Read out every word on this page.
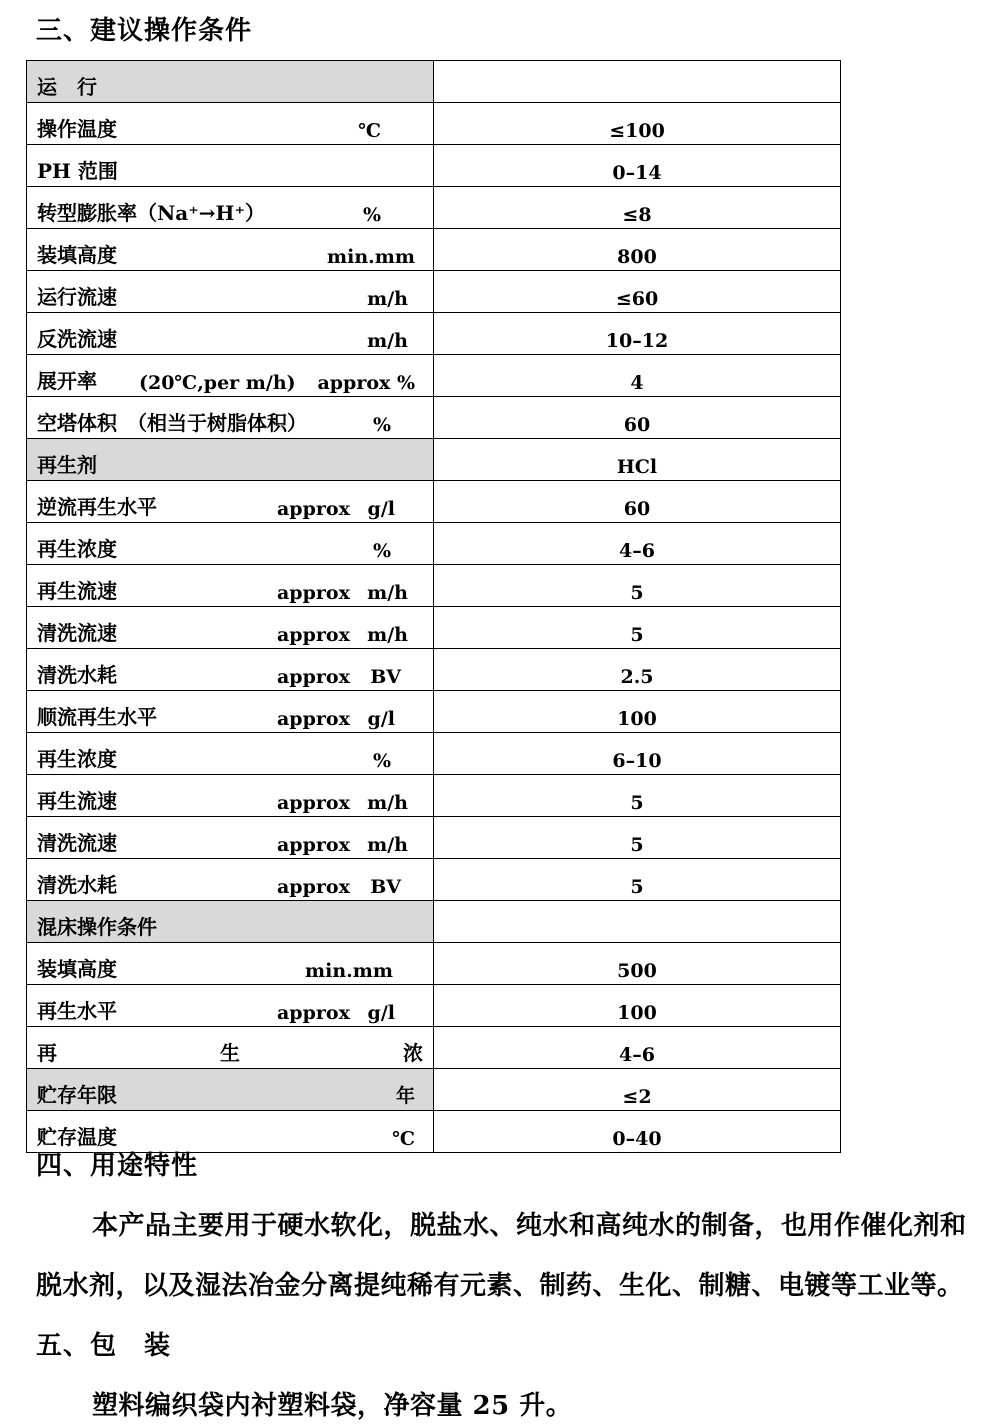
三、建议操作条件
运　行	

操作温度 ℃	≤100

PH 范围	0–14

转型膨胀率（Na⁺→H⁺） %	≤8

装填高度 min.mm	800

运行流速 m/h	≤60

反洗流速 m/h	10–12

展开率 (20℃,per m/h) approx %	4

空塔体积　（相当于树脂体积） %	60

再生剂	HCl

逆流再生水平 approx g/l	60

再生浓度 %	4–6

再生流速 approx m/h	5

清洗流速 approx m/h	5

清洗水耗 approx BV	2.5

顺流再生水平 approx g/l	100

再生浓度 %	6–10

再生流速 approx m/h	5

清洗流速 approx m/h	5

清洗水耗 approx BV	5

混床操作条件	

装填高度 min.mm	500

再生水平 approx g/l	100

再 生 浓	4–6

贮存年限 年	≤2

贮存温度 ℃	0–40
四、用途特性
本产品主要用于硬水软化，脱盐水、纯水和高纯水的制备，也用作催化剂和
脱水剂，以及湿法冶金分离提纯稀有元素、制药、生化、制糖、电镀等工业等。
五、包　装
塑料编织袋内衬塑料袋，净容量 25 升。
